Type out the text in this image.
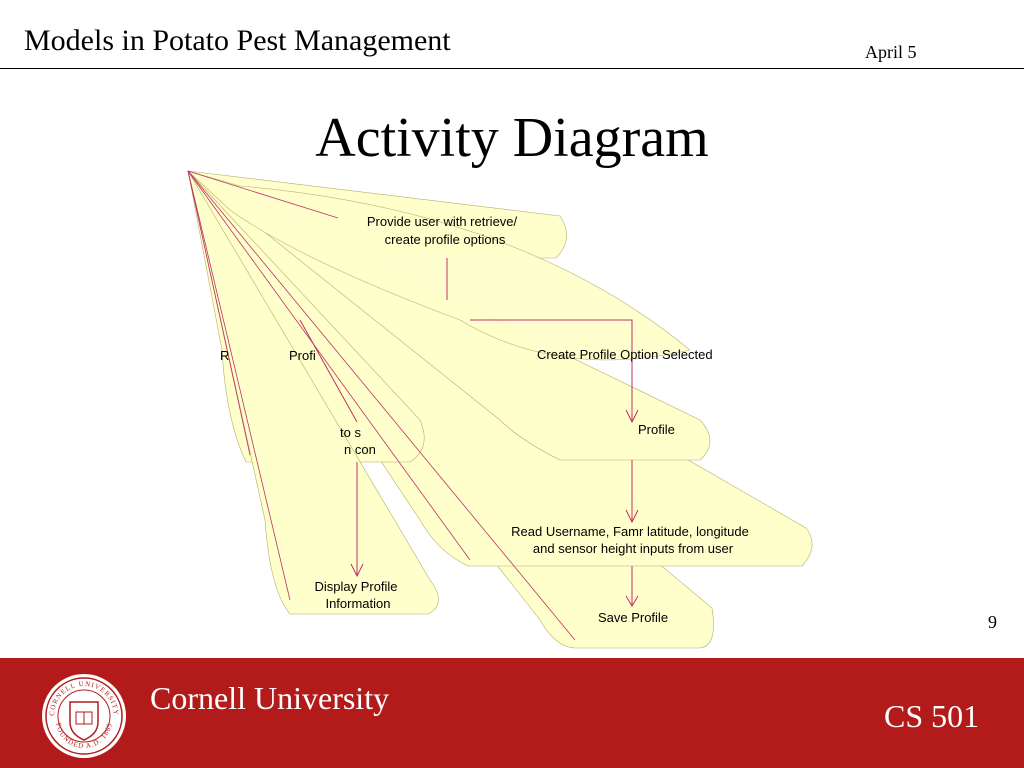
Models in Potato Pest Management	April 5
Activity Diagram
Provide user with retrieve/
create profile options
R	Profi	Create Profile Option Selected
to s
n con
Profile
Read Username, Famr latitude, longitude
and sensor height inputs from user
Display Profile
Information
Save Profile	9
CORNELL UNIVERSITY
FOUNDED A.D. 1865
Cornell University	CS 501
